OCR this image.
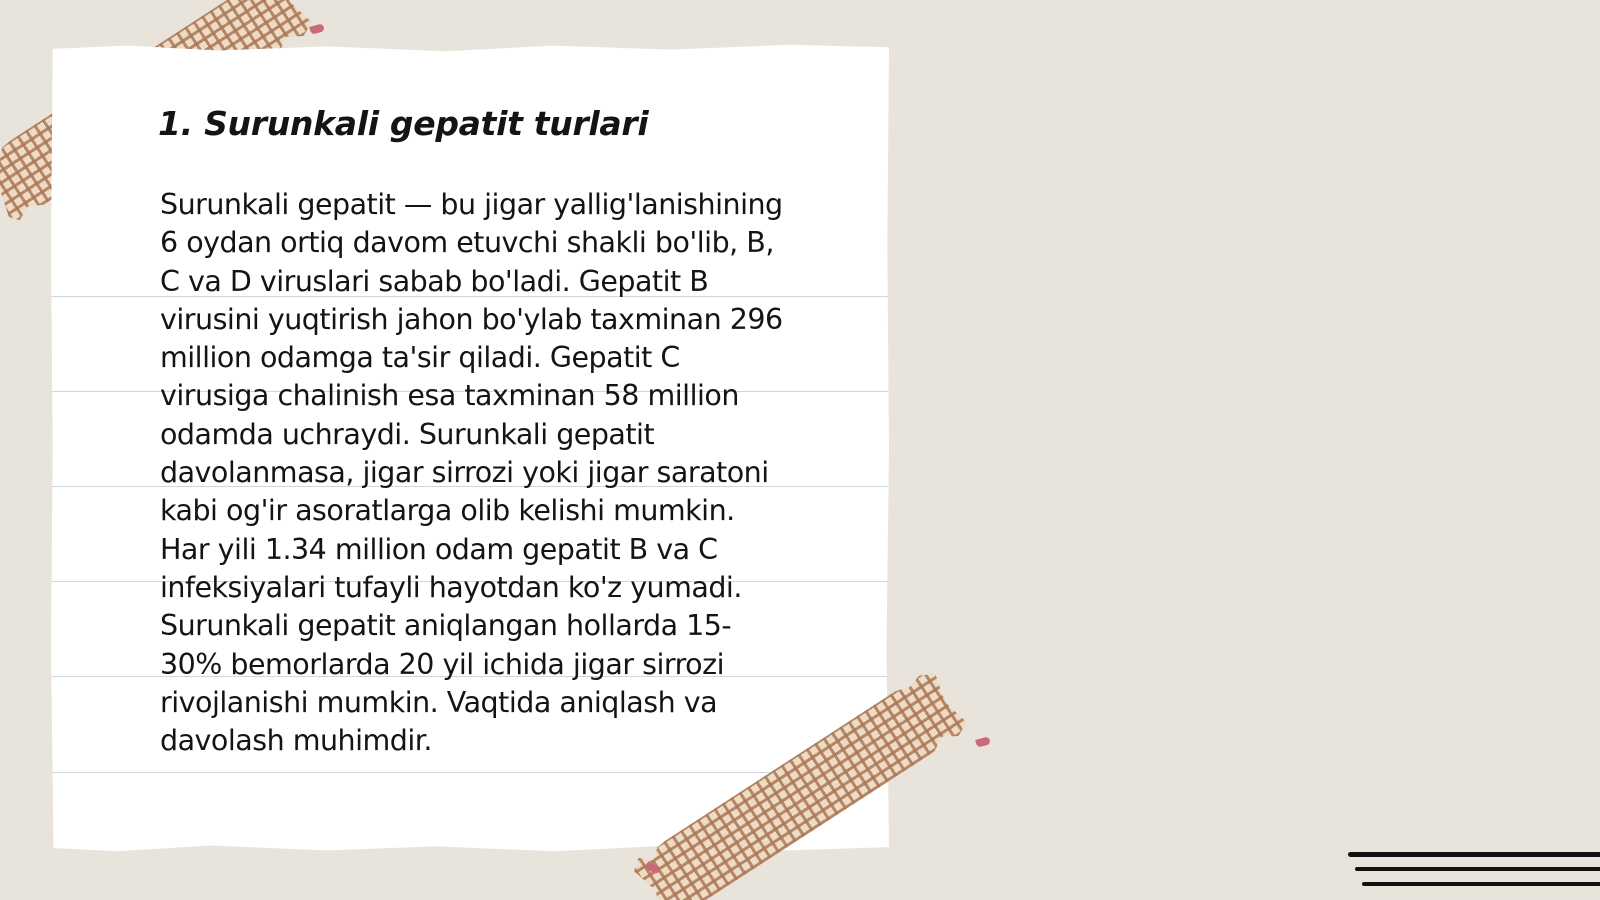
1. Surunkali gepatit turlari
Surunkali gepatit — bu jigar yallig'lanishining
6 oydan ortiq davom etuvchi shakli bo'lib, B,
C va D viruslari sabab bo'ladi. Gepatit B
virusini yuqtirish jahon bo'ylab taxminan 296
million odamga ta'sir qiladi. Gepatit C
virusiga chalinish esa taxminan 58 million
odamda uchraydi. Surunkali gepatit
davolanmasa, jigar sirrozi yoki jigar saratoni
kabi og'ir asoratlarga olib kelishi mumkin.
Har yili 1.34 million odam gepatit B va C
infeksiyalari tufayli hayotdan ko'z yumadi.
Surunkali gepatit aniqlangan hollarda 15-
30% bemorlarda 20 yil ichida jigar sirrozi
rivojlanishi mumkin. Vaqtida aniqlash va
davolash muhimdir.
